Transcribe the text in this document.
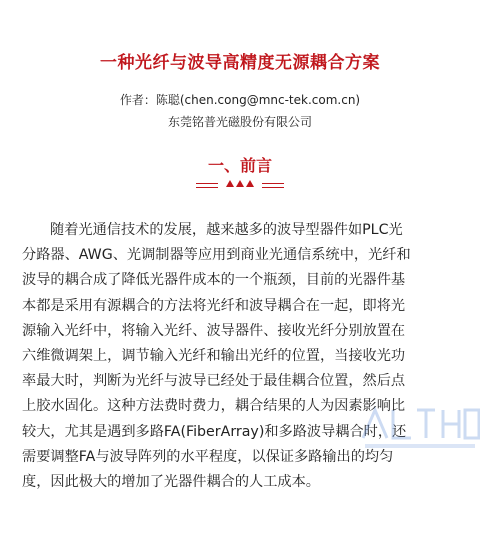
一种光纤与波导高精度无源耦合方案
作者：陈聪(chen.cong@mnc-tek.com.cn)
东莞铭普光磁股份有限公司
一、前言
随着光通信技术的发展，越来越多的波导型器件如PLC光
分路器、AWG、光调制器等应用到商业光通信系统中，光纤和
波导的耦合成了降低光器件成本的一个瓶颈，目前的光器件基
本都是采用有源耦合的方法将光纤和波导耦合在一起，即将光
源输入光纤中，将输入光纤、波导器件、接收光纤分别放置在
六维微调架上，调节输入光纤和输出光纤的位置，当接收光功
率最大时，判断为光纤与波导已经处于最佳耦合位置，然后点
上胶水固化。这种方法费时费力，耦合结果的人为因素影响比
较大，尤其是遇到多路FA(FiberArray)和多路波导耦合时，还
需要调整FA与波导阵列的水平程度，以保证多路输出的均匀
度，因此极大的增加了光器件耦合的人工成本。
